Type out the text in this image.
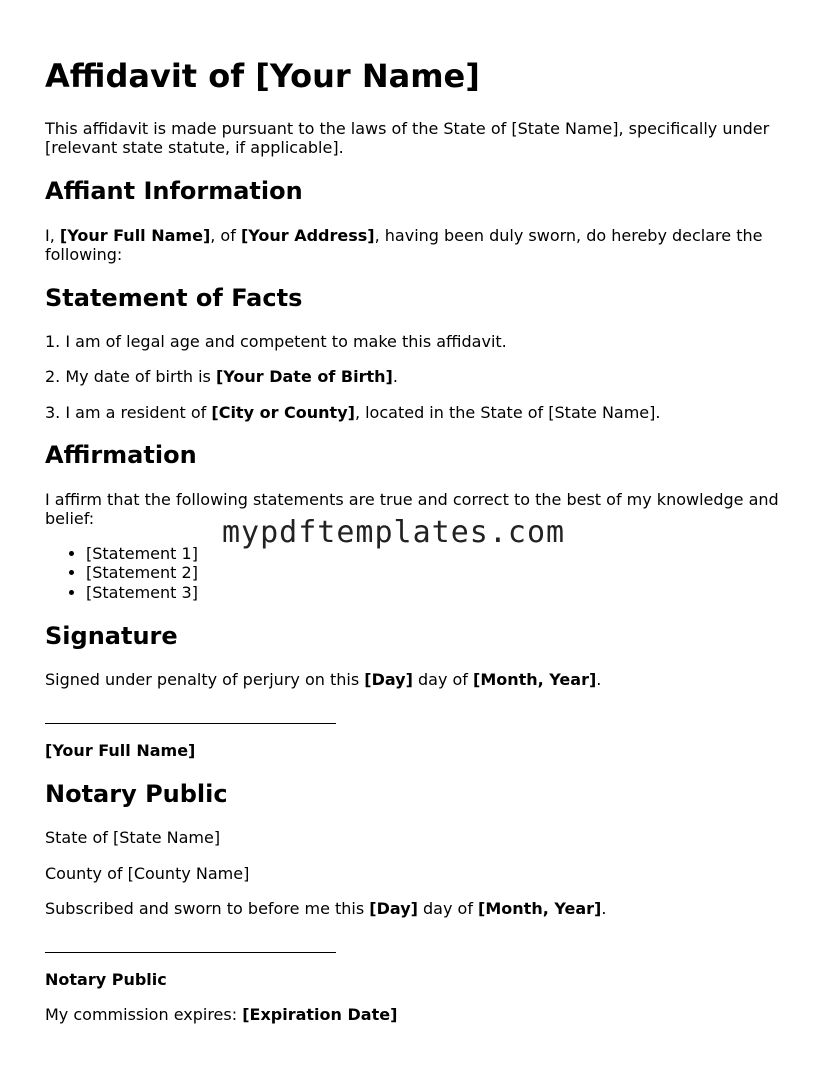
Affidavit of [Your Name]

This affidavit is made pursuant to the laws of the State of [State Name], specifically under [relevant state statute, if applicable].

Affiant Information

I, [Your Full Name], of [Your Address], having been duly sworn, do hereby declare the following:

Statement of Facts

1. I am of legal age and competent to make this affidavit.

2. My date of birth is [Your Date of Birth].

3. I am a resident of [City or County], located in the State of [State Name].

Affirmation

I affirm that the following statements are true and correct to the best of my knowledge and belief:

• [Statement 1]
• [Statement 2]
• [Statement 3]
Signature

Signed under penalty of perjury on this [Day] day of [Month, Year].

[Your Full Name]

Notary Public

State of [State Name]

County of [County Name]

Subscribed and sworn to before me this [Day] day of [Month, Year].

Notary Public

My commission expires: [Expiration Date]

mypdftemplates.com
